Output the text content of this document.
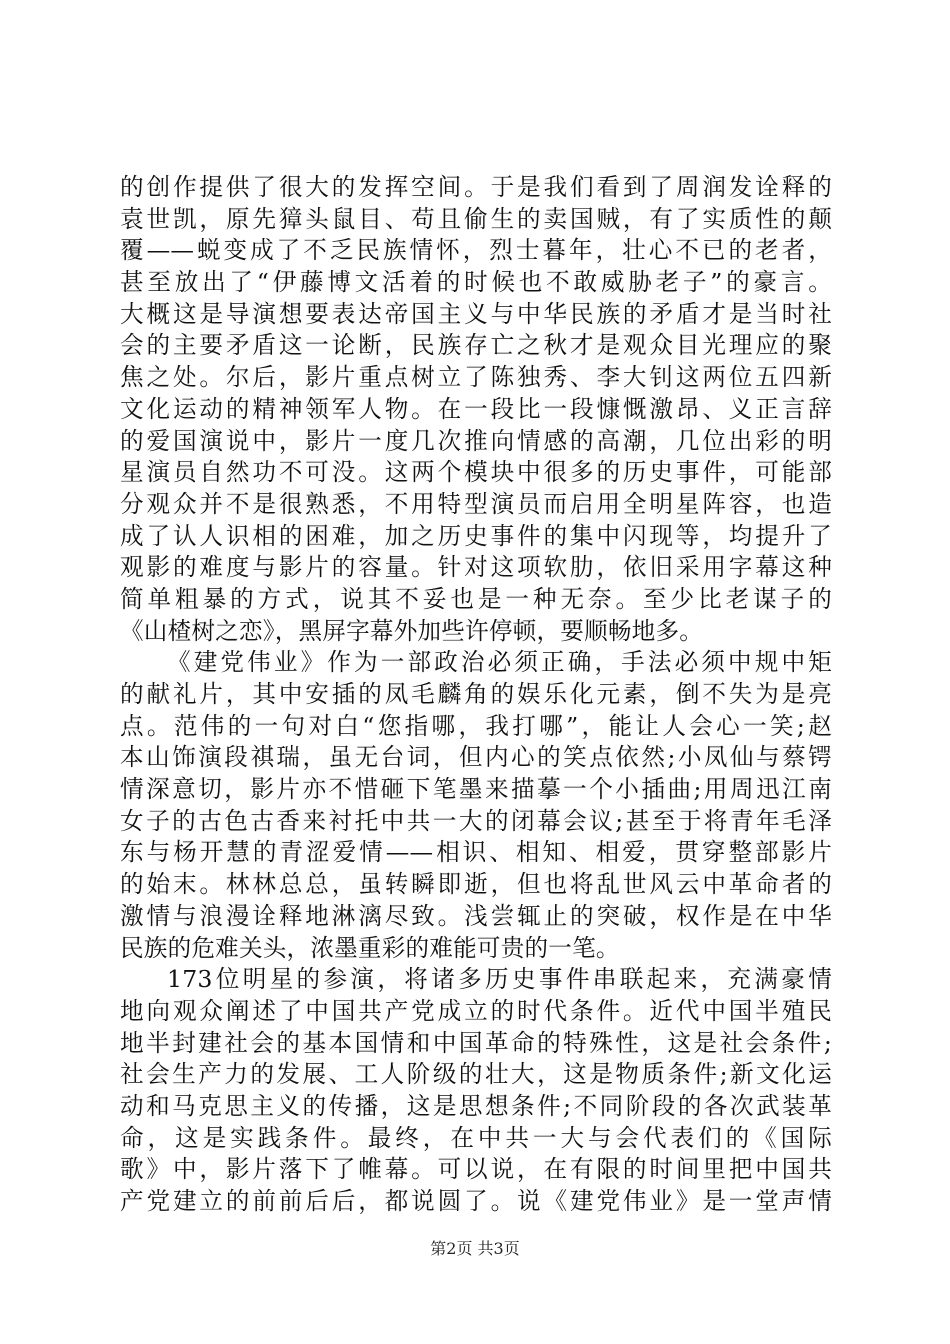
的创作提供了很大的发挥空间。于是我们看到了周润发诠释的
袁世凯，原先獐头鼠目、苟且偷生的卖国贼，有了实质性的颠
覆——蜕变成了不乏民族情怀，烈士暮年，壮心不已的老者，
甚至放出了“伊藤博文活着的时候也不敢威胁老子”的豪言。
大概这是导演想要表达帝国主义与中华民族的矛盾才是当时社
会的主要矛盾这一论断，民族存亡之秋才是观众目光理应的聚
焦之处。尔后，影片重点树立了陈独秀、李大钊这两位五四新
文化运动的精神领军人物。在一段比一段慷慨激昂、义正言辞
的爱国演说中，影片一度几次推向情感的高潮，几位出彩的明
星演员自然功不可没。这两个模块中很多的历史事件，可能部
分观众并不是很熟悉，不用特型演员而启用全明星阵容，也造
成了认人识相的困难，加之历史事件的集中闪现等，均提升了
观影的难度与影片的容量。针对这项软肋，依旧采用字幕这种
简单粗暴的方式，说其不妥也是一种无奈。至少比老谋子的
《山楂树之恋》，黑屏字幕外加些许停顿，要顺畅地多。
《建党伟业》作为一部政治必须正确，手法必须中规中矩
的献礼片，其中安插的凤毛麟角的娱乐化元素，倒不失为是亮
点。范伟的一句对白“您指哪，我打哪”，能让人会心一笑;赵
本山饰演段祺瑞，虽无台词，但内心的笑点依然;小凤仙与蔡锷
情深意切，影片亦不惜砸下笔墨来描摹一个小插曲;用周迅江南
女子的古色古香来衬托中共一大的闭幕会议;甚至于将青年毛泽
东与杨开慧的青涩爱情——相识、相知、相爱，贯穿整部影片
的始末。林林总总，虽转瞬即逝，但也将乱世风云中革命者的
激情与浪漫诠释地淋漓尽致。浅尝辄止的突破，权作是在中华
民族的危难关头，浓墨重彩的难能可贵的一笔。
173位明星的参演，将诸多历史事件串联起来，充满豪情
地向观众阐述了中国共产党成立的时代条件。近代中国半殖民
地半封建社会的基本国情和中国革命的特殊性，这是社会条件;
社会生产力的发展、工人阶级的壮大，这是物质条件;新文化运
动和马克思主义的传播，这是思想条件;不同阶段的各次武装革
命，这是实践条件。最终，在中共一大与会代表们的《国际
歌》中，影片落下了帷幕。可以说，在有限的时间里把中国共
产党建立的前前后后，都说圆了。说《建党伟业》是一堂声情
第2页 共3页
